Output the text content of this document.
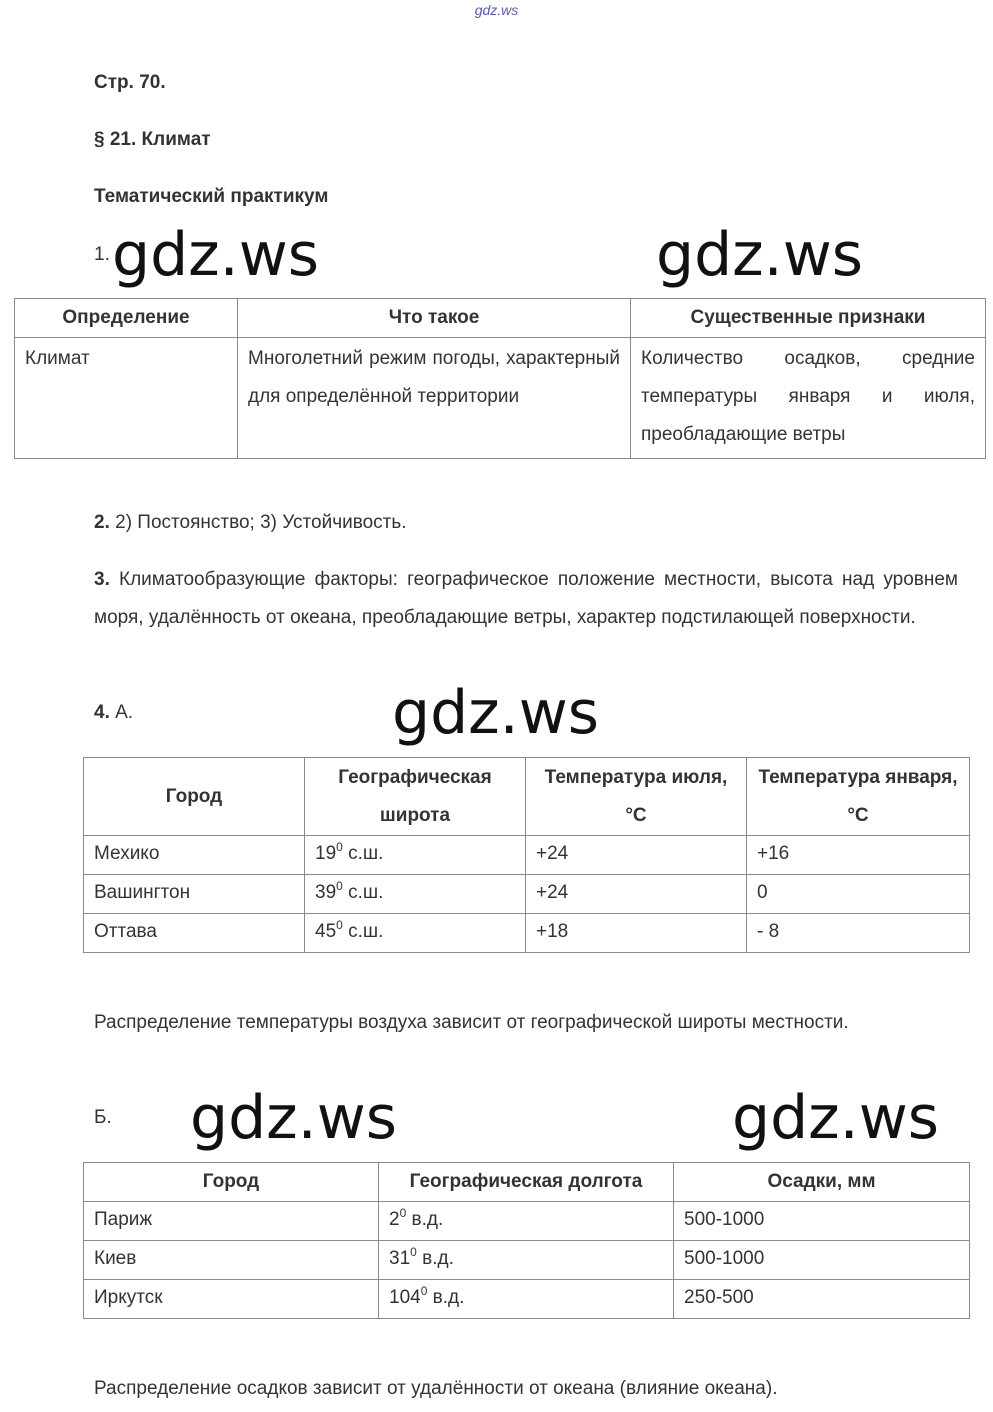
gdz.ws
Стр. 70.
§ 21. Климат
Тематический практикум
1. gdz.ws	gdz.ws
Определение	Что такое	Существенные признаки
Климат	Многолетний режим погоды, характерный для определённой территории	Количество осадков, средние температуры января и июля, преобладающие ветры
2. 2) Постоянство; 3) Устойчивость.
3. Климатообразующие факторы: географическое положение местности, высота над уровнем моря, удалённость от океана, преобладающие ветры, характер подстилающей поверхности.
4. А.	gdz.ws
Город	Географическая широта	Температура июля, °С	Температура января, °С
Мехико	$19^0$ с.ш.	+24	+16
Вашингтон	$39^0$ с.ш.	+24	0
Оттава	$45^0$ с.ш.	+18	- 8
Распределение температуры воздуха зависит от географической широты местности.
Б. gdz.ws	gdz.ws
Город	Географическая долгота	Осадки, мм
Париж	$2^0$ в.д.	500-1000
Киев	$31^0$ в.д.	500-1000
Иркутск	$104^0$ в.д.	250-500
Распределение осадков зависит от удалённости от океана (влияние океана).
